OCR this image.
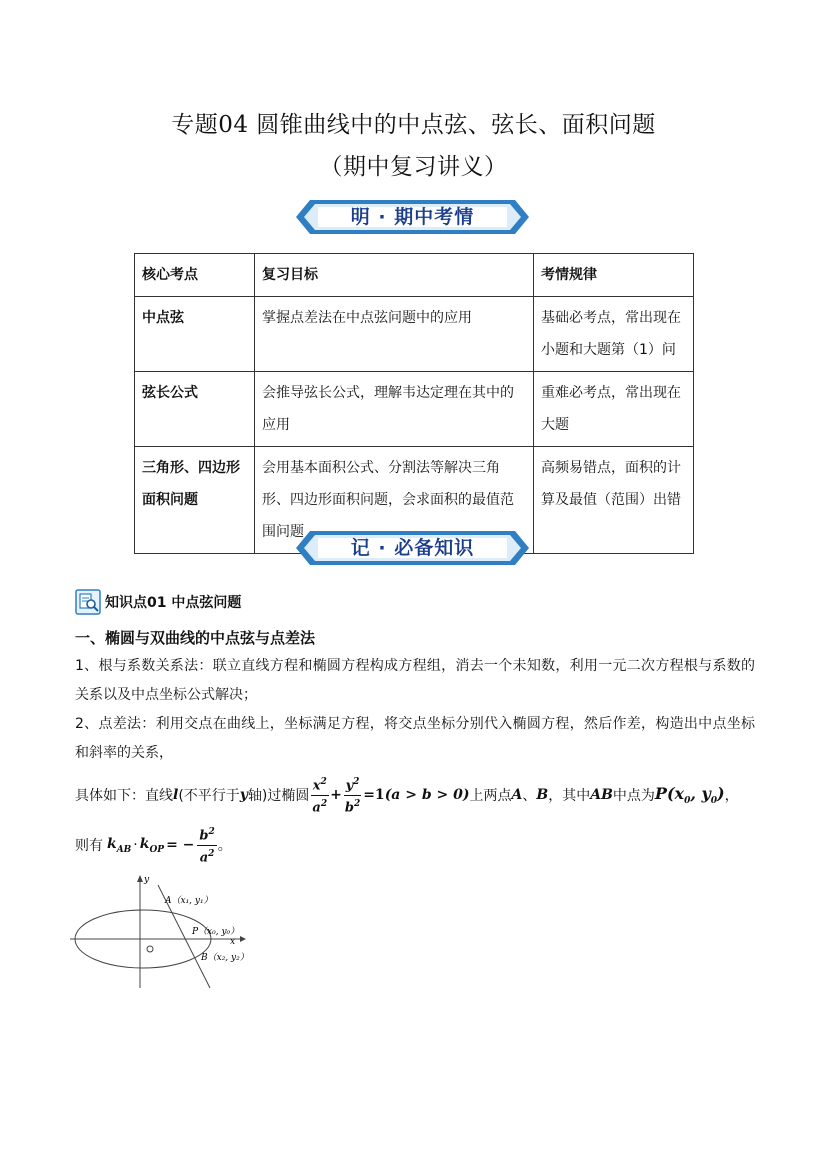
专题04 圆锥曲线中的中点弦、弦长、面积问题
（期中复习讲义）
明 · 期中考情
核心考点	复习目标	考情规律
中点弦	掌握点差法在中点弦问题中的应用	基础必考点，常出现在小题和大题第（1）问
弦长公式	会推导弦长公式，理解韦达定理在其中的应用	重难必考点，常出现在大题
三角形、四边形面积问题	会用基本面积公式、分割法等解决三角形、四边形面积问题，会求面积的最值范围问题	高频易错点，面积的计算及最值（范围）出错
记 · 必备知识
知识点01 中点弦问题
一、椭圆与双曲线的中点弦与点差法
1、根与系数关系法：联立直线方程和椭圆方程构成方程组，消去一个未知数，利用一元二次方程根与系数的关系以及中点坐标公式解决；
2、点差法：利用交点在曲线上，坐标满足方程，将交点坐标分别代入椭圆方程，然后作差，构造出中点坐标和斜率的关系，
具体如下：直线 l (不平行于 y 轴)过椭圆 $\frac{x^2}{a^2} + \frac{y^2}{b^2} =1$ (a > b > 0) 上两点 A 、 B ，其中 AB 中点为 $P(x_0$, $y_0$) ，
则有 $k_{AB} \cdot k_{OP}$ = − $\frac{b^2}{a^2}$ 。
y
x
A（x₁, y₁）
P（x₀, y₀）
B（x₂, y₂）
